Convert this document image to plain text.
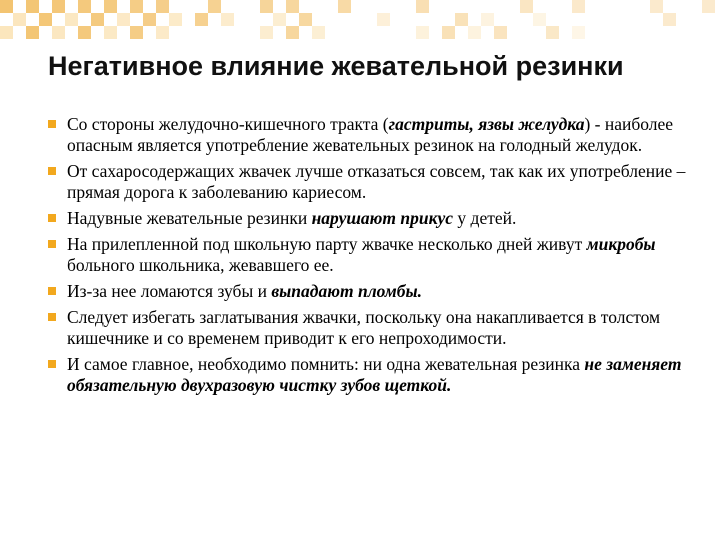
Негативное влияние жевательной резинки
Со стороны желудочно-кишечного тракта (гастриты, язвы желудка) - наиболее опасным является употребление жевательных резинок на голодный желудок.
От сахаросодержащих жвачек лучше отказаться совсем, так как их употребление – прямая дорога к заболеванию кариесом.
Надувные жевательные резинки нарушают прикус у детей.
На прилепленной под школьную парту жвачке несколько дней живут микробы больного школьника, жевавшего ее.
Из-за нее ломаются зубы и выпадают пломбы.
Следует избегать заглатывания жвачки, поскольку она накапливается в толстом кишечнике и со временем приводит к его непроходимости.
И самое главное, необходимо помнить: ни одна жевательная резинка не заменяет обязательную двухразовую чистку зубов щеткой.
